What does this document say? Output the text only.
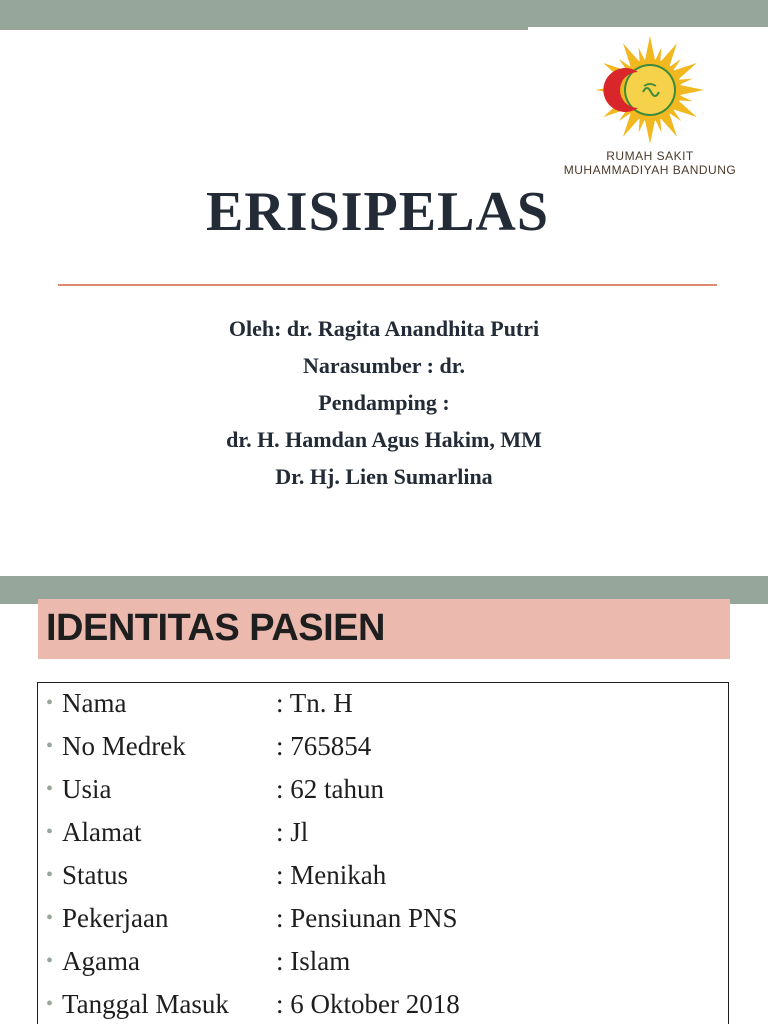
RUMAH SAKIT
MUHAMMADIYAH BANDUNG
ERISIPELAS
Oleh: dr. Ragita Anandhita Putri
Narasumber : dr.
Pendamping :
dr. H. Hamdan Agus Hakim, MM
Dr. Hj. Lien Sumarlina
IDENTITAS PASIEN
• Nama	: Tn. H
• No Medrek	: 765854
• Usia	: 62 tahun
• Alamat	: Jl
• Status	: Menikah
• Pekerjaan	: Pensiunan PNS
• Agama	: Islam
• Tanggal Masuk : 6 Oktober 2018
